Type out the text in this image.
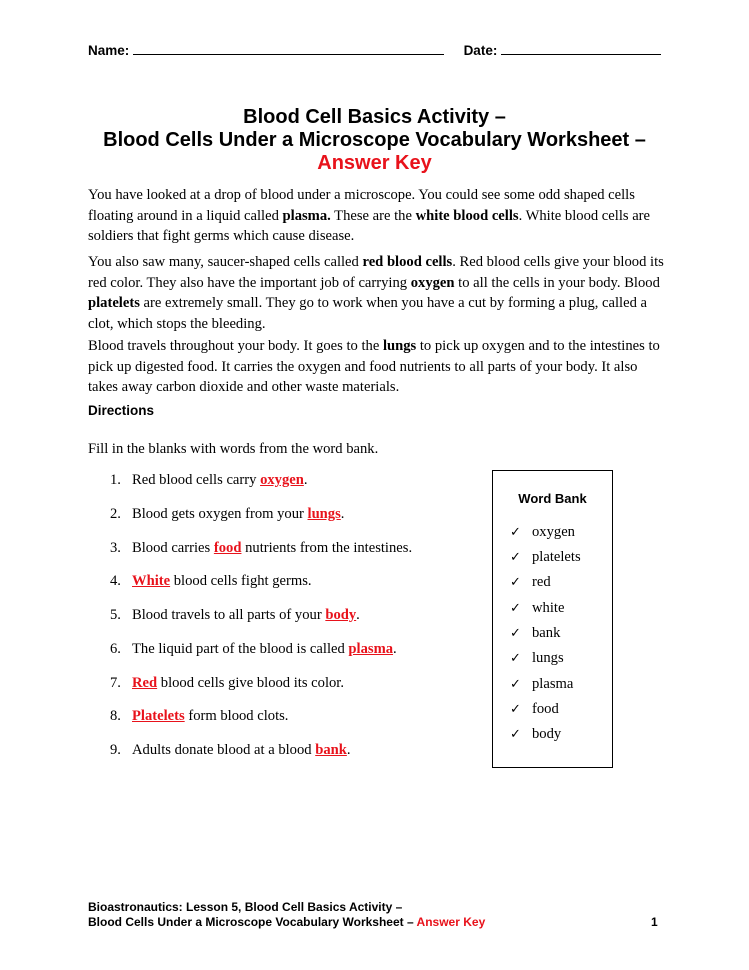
Name:	Date:
Blood Cell Basics Activity –
Blood Cells Under a Microscope Vocabulary Worksheet –
Answer Key
You have looked at a drop of blood under a microscope. You could see some odd shaped cells floating around in a liquid called plasma. These are the white blood cells. White blood cells are soldiers that fight germs which cause disease.
You also saw many, saucer-shaped cells called red blood cells. Red blood cells give your blood its red color. They also have the important job of carrying oxygen to all the cells in your body. Blood platelets are extremely small. They go to work when you have a cut by forming a plug, called a clot, which stops the bleeding.
Blood travels throughout your body. It goes to the lungs to pick up oxygen and to the intestines to pick up digested food. It carries the oxygen and food nutrients to all parts of your body. It also takes away carbon dioxide and other waste materials.
Directions
Fill in the blanks with words from the word bank.
1. Red blood cells carry oxygen.
2. Blood gets oxygen from your lungs.
3. Blood carries food nutrients from the intestines.
4. White blood cells fight germs.
5. Blood travels to all parts of your body.
6. The liquid part of the blood is called plasma.
7. Red blood cells give blood its color.
8. Platelets form blood clots.
9. Adults donate blood at a blood bank.
Word Bank
✓ oxygen
✓ platelets
✓ red
✓ white
✓ bank
✓ lungs
✓ plasma
✓ food
✓ body
Bioastronautics: Lesson 5, Blood Cell Basics Activity –
Blood Cells Under a Microscope Vocabulary Worksheet – Answer Key	1
